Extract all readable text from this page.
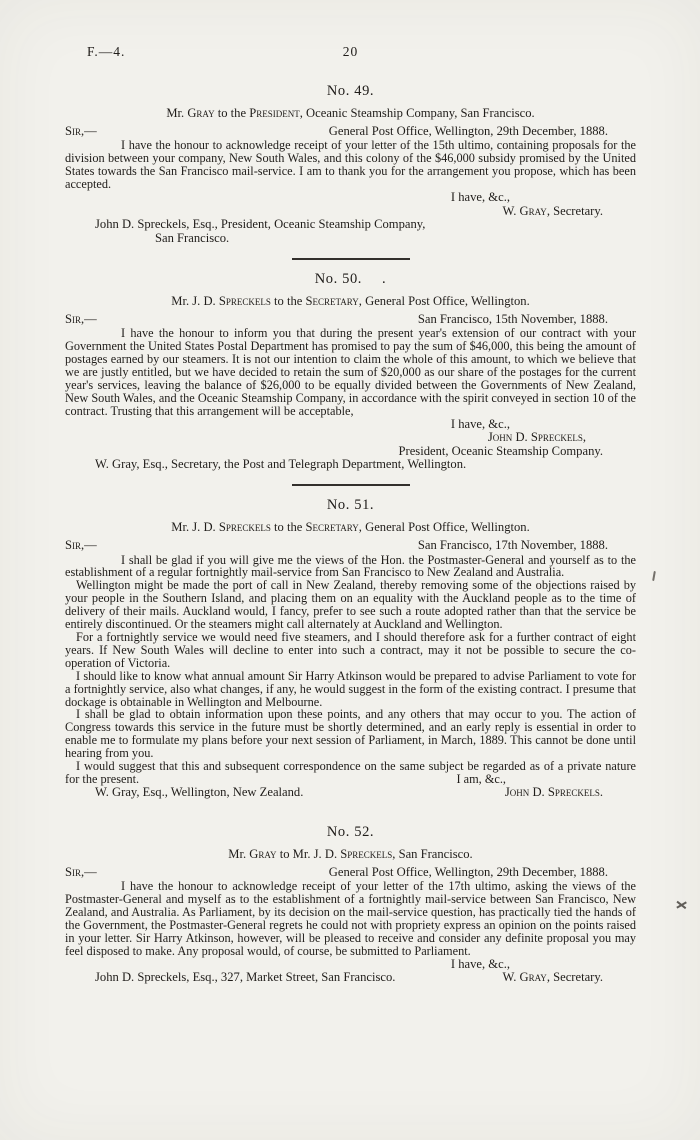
F.—4.	20
No. 49.
Mr. Gray to the President, Oceanic Steamship Company, San Francisco.
Sir,—	General Post Office, Wellington, 29th December, 1888.

I have the honour to acknowledge receipt of your letter of the 15th ultimo, containing proposals for the division between your company, New South Wales, and this colony of the $46,000 subsidy promised by the United States towards the San Francisco mail-service. I am to thank you for the arrangement you propose, which has been accepted.

I have, &c.,
W. Gray, Secretary.
John D. Spreckels, Esq., President, Oceanic Steamship Company,
San Francisco.
No. 50. .
Mr. J. D. Spreckels to the Secretary, General Post Office, Wellington.
Sir,—	San Francisco, 15th November, 1888.

I have the honour to inform you that during the present year's extension of our contract with your Government the United States Postal Department has promised to pay the sum of $46,000, this being the amount of postages earned by our steamers. It is not our intention to claim the whole of this amount, to which we believe that we are justly entitled, but we have decided to retain the sum of $20,000 as our share of the postages for the current year's services, leaving the balance of $26,000 to be equally divided between the Governments of New Zealand, New South Wales, and the Oceanic Steamship Company, in accordance with the spirit conveyed in section 10 of the contract. Trusting that this arrangement will be acceptable,

I have, &c.,
John D. Spreckels,
President, Oceanic Steamship Company.
W. Gray, Esq., Secretary, the Post and Telegraph Department, Wellington.
No. 51.
Mr. J. D. Spreckels to the Secretary, General Post Office, Wellington.
Sir,—	San Francisco, 17th November, 1888.

I shall be glad if you will give me the views of the Hon. the Postmaster-General and yourself as to the establishment of a regular fortnightly mail-service from San Francisco to New Zealand and Australia.

Wellington might be made the port of call in New Zealand, thereby removing some of the objections raised by your people in the Southern Island, and placing them on an equality with the Auckland people as to the time of delivery of their mails. Auckland would, I fancy, prefer to see such a route adopted rather than that the service be entirely discontinued. Or the steamers might call alternately at Auckland and Wellington.

For a fortnightly service we would need five steamers, and I should therefore ask for a further contract of eight years. If New South Wales will decline to enter into such a contract, may it not be possible to secure the co-operation of Victoria.

I should like to know what annual amount Sir Harry Atkinson would be prepared to advise Parliament to vote for a fortnightly service, also what changes, if any, he would suggest in the form of the existing contract. I presume that dockage is obtainable in Wellington and Melbourne.

I shall be glad to obtain information upon these points, and any others that may occur to you. The action of Congress towards this service in the future must be shortly determined, and an early reply is essential in order to enable me to formulate my plans before your next session of Parliament, in March, 1889. This cannot be done until hearing from you.

I would suggest that this and subsequent correspondence on the same subject be regarded as of a private nature for the present.	I am, &c.,

W. Gray, Esq., Wellington, New Zealand.	John D. Spreckels.
No. 52.
Mr. Gray to Mr. J. D. Spreckels, San Francisco.
Sir,—	General Post Office, Wellington, 29th December, 1888.

I have the honour to acknowledge receipt of your letter of the 17th ultimo, asking the views of the Postmaster-General and myself as to the establishment of a fortnightly mail-service between San Francisco, New Zealand, and Australia. As Parliament, by its decision on the mail-service question, has practically tied the hands of the Government, the Postmaster-General regrets he could not with propriety express an opinion on the points raised in your letter. Sir Harry Atkinson, however, will be pleased to receive and consider any definite proposal you may feel disposed to make. Any proposal would, of course, be submitted to Parliament.

I have, &c.,
John D. Spreckels, Esq., 327, Market Street, San Francisco.	W. Gray, Secretary.
